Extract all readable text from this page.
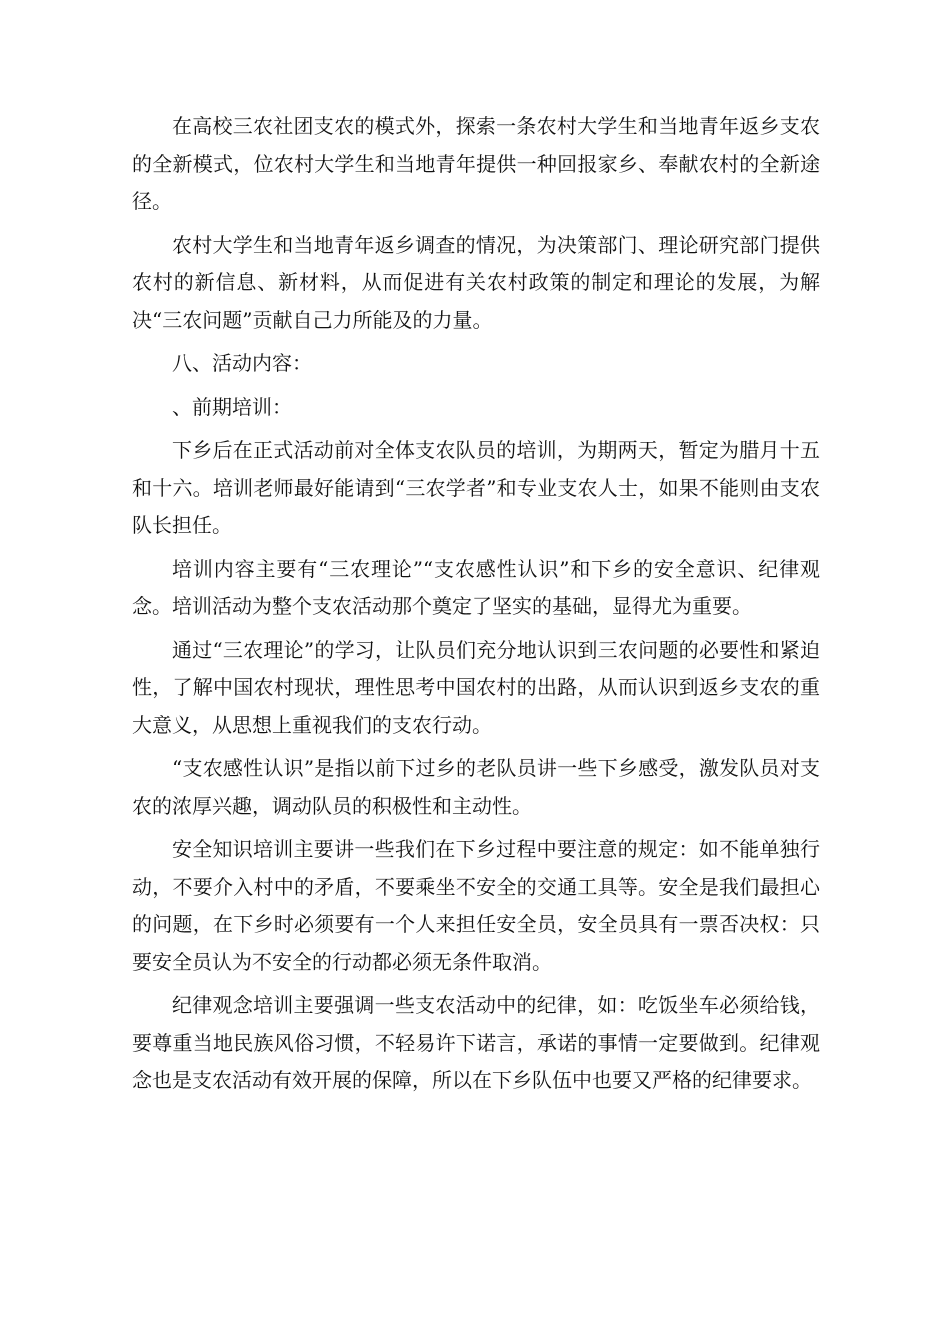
在高校三农社团支农的模式外，探索一条农村大学生和当地青年返乡支农的全新模式，位农村大学生和当地青年提供一种回报家乡、奉献农村的全新途径。

农村大学生和当地青年返乡调查的情况，为决策部门、理论研究部门提供农村的新信息、新材料，从而促进有关农村政策的制定和理论的发展，为解决“三农问题”贡献自己力所能及的力量。

八、活动内容：

、前期培训：

下乡后在正式活动前对全体支农队员的培训，为期两天，暂定为腊月十五和十六。培训老师最好能请到“三农学者”和专业支农人士，如果不能则由支农队长担任。

培训内容主要有“三农理论”“支农感性认识”和下乡的安全意识、纪律观念。培训活动为整个支农活动那个奠定了坚实的基础，显得尤为重要。

通过“三农理论”的学习，让队员们充分地认识到三农问题的必要性和紧迫性，了解中国农村现状，理性思考中国农村的出路，从而认识到返乡支农的重大意义，从思想上重视我们的支农行动。

“支农感性认识”是指以前下过乡的老队员讲一些下乡感受，激发队员对支农的浓厚兴趣，调动队员的积极性和主动性。

安全知识培训主要讲一些我们在下乡过程中要注意的规定：如不能单独行动，不要介入村中的矛盾，不要乘坐不安全的交通工具等。安全是我们最担心的问题，在下乡时必须要有一个人来担任安全员，安全员具有一票否决权：只要安全员认为不安全的行动都必须无条件取消。

纪律观念培训主要强调一些支农活动中的纪律，如：吃饭坐车必须给钱，要尊重当地民族风俗习惯，不轻易许下诺言，承诺的事情一定要做到。纪律观念也是支农活动有效开展的保障，所以在下乡队伍中也要又严格的纪律要求。
